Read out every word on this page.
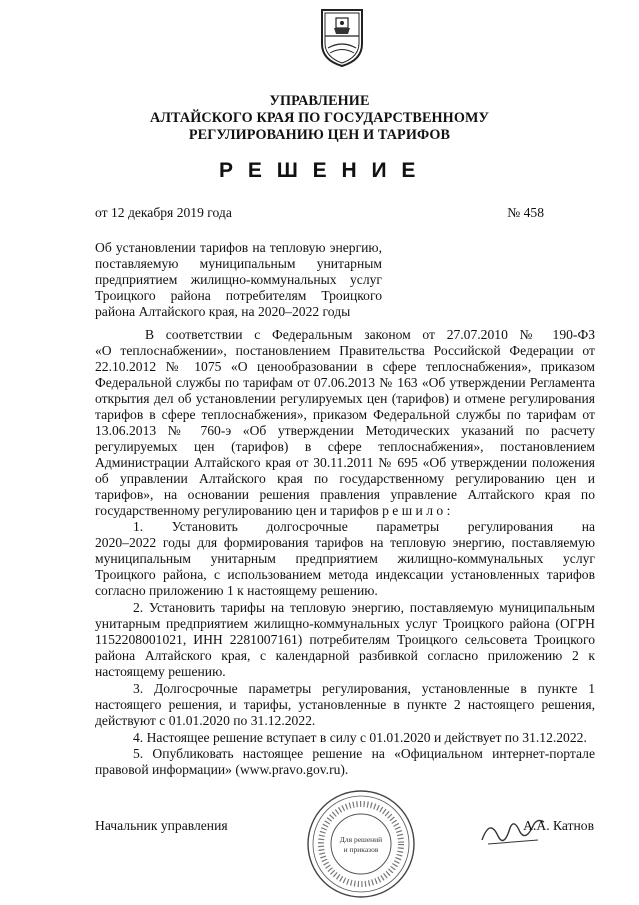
УПРАВЛЕНИЕ
АЛТАЙСКОГО КРАЯ ПО ГОСУДАРСТВЕННОМУ
РЕГУЛИРОВАНИЮ ЦЕН И ТАРИФОВ
Р Е Ш Е Н И Е
от 12 декабря 2019 года	№ 458
Об установлении тарифов на тепловую энергию,
поставляемую муниципальным унитарным
предприятием жилищно-коммунальных услуг
Троицкого района потребителям Троицкого
района Алтайского края, на 2020–2022 годы
В соответствии с Федеральным законом от 27.07.2010 № 190-ФЗ
«О теплоснабжении», постановлением Правительства Российской Федерации от
22.10.2012 № 1075 «О ценообразовании в сфере теплоснабжения», приказом
Федеральной службы по тарифам от 07.06.2013 № 163 «Об утверждении Регламента
открытия дел об установлении регулируемых цен (тарифов) и отмене регулирования
тарифов в сфере теплоснабжения», приказом Федеральной службы по тарифам от
13.06.2013 № 760-э «Об утверждении Методических указаний по расчету
регулируемых цен (тарифов) в сфере теплоснабжения», постановлением
Администрации Алтайского края от 30.11.2011 № 695 «Об утверждении положения
об управлении Алтайского края по государственному регулированию цен и
тарифов», на основании решения правления управление Алтайского края по
государственному регулированию цен и тарифов р е ш и л о :
1. Установить долгосрочные параметры регулирования на
2020–2022 годы для формирования тарифов на тепловую энергию, поставляемую
муниципальным унитарным предприятием жилищно-коммунальных услуг
Троицкого района, с использованием метода индексации установленных тарифов
согласно приложению 1 к настоящему решению.
2. Установить тарифы на тепловую энергию, поставляемую муниципальным
унитарным предприятием жилищно-коммунальных услуг Троицкого района (ОГРН
1152208001021, ИНН 2281007161) потребителям Троицкого сельсовета Троицкого
района Алтайского края, с календарной разбивкой согласно приложению 2 к
настоящему решению.
3. Долгосрочные параметры регулирования, установленные в пункте 1
настоящего решения, и тарифы, установленные в пункте 2 настоящего решения,
действуют с 01.01.2020 по 31.12.2022.
4. Настоящее решение вступает в силу с 01.01.2020 и действует по 31.12.2022.
5. Опубликовать настоящее решение на «Официальном интернет-портале
правовой информации» (www.pravo.gov.ru).
Для решений
и приказов
Начальник управления	А.А. Катнов
